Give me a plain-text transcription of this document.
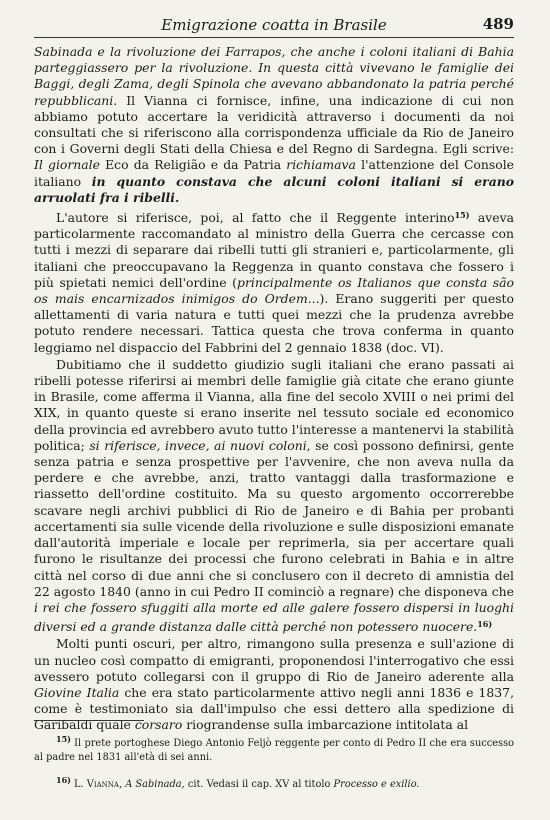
Emigrazione coatta in Brasile	489

Sabinada e la rivoluzione dei Farrapos, che anche i coloni italiani di Bahia parteggiassero per la rivoluzione. In questa città vivevano le famiglie dei Baggi, degli Zama, degli Spinola che avevano abbandonato la patria perché repubblicani. Il Vianna ci fornisce, infine, una indicazione di cui non abbiamo potuto accertare la veridicità attraverso i documenti da noi consultati che si riferiscono alla corrispondenza ufficiale da Rio de Janeiro con i Governi degli Stati della Chiesa e del Regno di Sardegna. Egli scrive: Il giornale Eco da Religião e da Patria richiamava l'attenzione del Console italiano in quanto constava che alcuni coloni italiani si erano arruolati fra i ribelli.

L'autore si riferisce, poi, al fatto che il Reggente interino$^{15)}$ aveva particolarmente raccomandato al ministro della Guerra che cercasse con tutti i mezzi di separare dai ribelli tutti gli stranieri e, particolarmente, gli italiani che preoccupavano la Reggenza in quanto constava che fossero i più spietati nemici dell'ordine (principalmente os Italianos que consta são os mais encarnizados inimigos do Ordem...). Erano suggeriti per questo allettamenti di varia natura e tutti quei mezzi che la prudenza avrebbe potuto rendere necessari. Tattica questa che trova conferma in quanto leggiamo nel dispaccio del Fabbrini del 2 gennaio 1838 (doc. VI).

Dubitiamo che il suddetto giudizio sugli italiani che erano passati ai ribelli potesse riferirsi ai membri delle famiglie già citate che erano giunte in Brasile, come afferma il Vianna, alla fine del secolo XVIII o nei primi del XIX, in quanto queste si erano inserite nel tessuto sociale ed economico della provincia ed avrebbero avuto tutto l'interesse a mantenervi la stabilità politica; si riferisce, invece, ai nuovi coloni, se così possono definirsi, gente senza patria e senza prospettive per l'avvenire, che non aveva nulla da perdere e che avrebbe, anzi, tratto vantaggi dalla trasformazione e riassetto dell'ordine costituito. Ma su questo argomento occorrerebbe scavare negli archivi pubblici di Rio de Janeiro e di Bahia per probanti accertamenti sia sulle vicende della rivoluzione e sulle disposizioni emanate dall'autorità imperiale e locale per reprimerla, sia per accertare quali furono le risultanze dei processi che furono celebrati in Bahia e in altre città nel corso di due anni che si conclusero con il decreto di amnistia del 22 agosto 1840 (anno in cui Pedro II cominciò a regnare) che disponeva che i rei che fossero sfuggiti alla morte ed alle galere fossero dispersi in luoghi diversi ed a grande distanza dalle città perché non potessero nuocere.$^{16)}$

Molti punti oscuri, per altro, rimangono sulla presenza e sull'azione di un nucleo così compatto di emigranti, proponendosi l'interrogativo che essi avessero potuto collegarsi con il gruppo di Rio de Janeiro aderente alla Giovine Italia che era stato particolarmente attivo negli anni 1836 e 1837, come è testimoniato sia dall'impulso che essi dettero alla spedizione di Garibaldi quale corsaro riograndense sulla imbarcazione intitolata al

$^{15)}$ Il prete portoghese Diego Antonio Feljò reggente per conto di Pedro II che era successo al padre nel 1831 all'età di sei anni.

$^{16)}$ L. Vianna, A Sabinada, cit. Vedasi il cap. XV al titolo Processo e exilio.
